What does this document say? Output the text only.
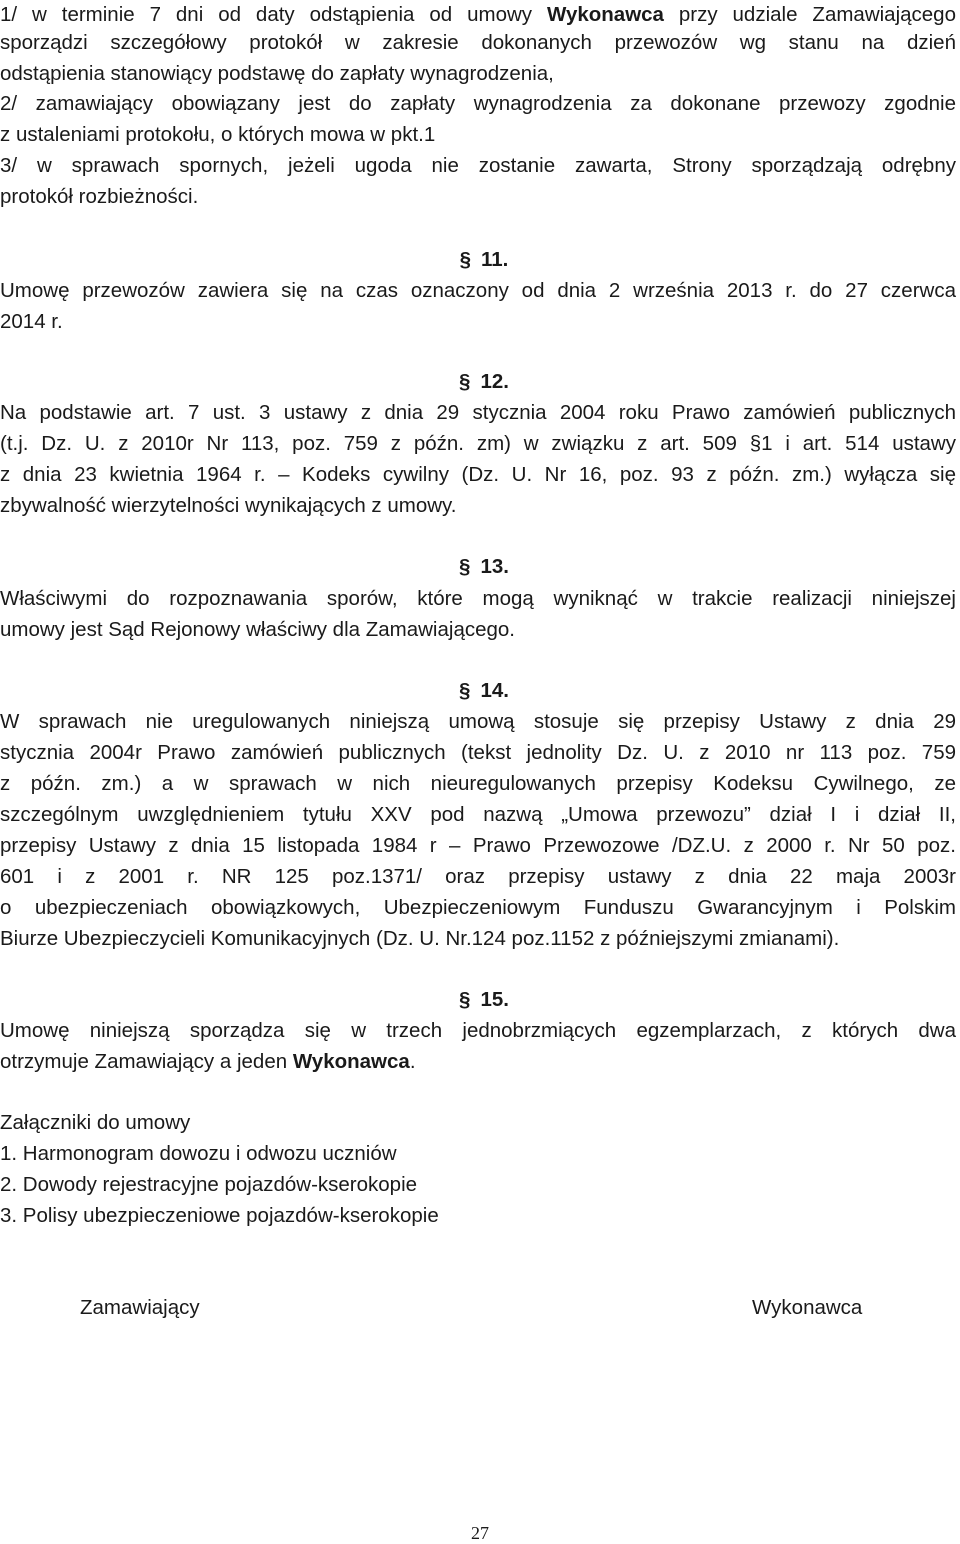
1/ w terminie 7 dni od daty odstąpienia od umowy Wykonawca przy udziale Zamawiającego
sporządzi szczegółowy protokół w zakresie dokonanych przewozów wg stanu na dzień
odstąpienia stanowiący podstawę do zapłaty wynagrodzenia,
2/ zamawiający obowiązany jest do zapłaty wynagrodzenia za dokonane przewozy zgodnie
z ustaleniami protokołu, o których mowa w pkt.1
3/ w sprawach spornych, jeżeli ugoda nie zostanie zawarta, Strony sporządzają odrębny
protokół rozbieżności.
§ 11.
Umowę przewozów zawiera się na czas oznaczony od dnia 2 września 2013 r. do 27 czerwca
2014 r.
§ 12.
Na podstawie art. 7 ust. 3 ustawy z dnia 29 stycznia 2004 roku Prawo zamówień publicznych
(t.j. Dz. U. z 2010r Nr 113, poz. 759 z późn. zm) w związku z art. 509 §1 i art. 514 ustawy
z dnia 23 kwietnia 1964 r. – Kodeks cywilny (Dz. U. Nr 16, poz. 93 z późn. zm.) wyłącza się
zbywalność wierzytelności wynikających z umowy.
§ 13.
Właściwymi do rozpoznawania sporów, które mogą wyniknąć w trakcie realizacji niniejszej
umowy jest Sąd Rejonowy właściwy dla Zamawiającego.
§ 14.
W sprawach nie uregulowanych niniejszą umową stosuje się przepisy Ustawy z dnia 29
stycznia 2004r Prawo zamówień publicznych (tekst jednolity Dz. U. z 2010 nr 113 poz. 759
z późn. zm.) a w sprawach w nich nieuregulowanych przepisy Kodeksu Cywilnego, ze
szczególnym uwzględnieniem tytułu XXV pod nazwą „Umowa przewozu” dział I i dział II,
przepisy Ustawy z dnia 15 listopada 1984 r – Prawo Przewozowe /DZ.U. z 2000 r. Nr 50 poz.
601 i z 2001 r. NR 125 poz.1371/ oraz przepisy ustawy z dnia 22 maja 2003r
o ubezpieczeniach obowiązkowych, Ubezpieczeniowym Funduszu Gwarancyjnym i Polskim
Biurze Ubezpieczycieli Komunikacyjnych (Dz. U. Nr.124 poz.1152 z późniejszymi zmianami).
§ 15.
Umowę niniejszą sporządza się w trzech jednobrzmiących egzemplarzach, z których dwa
otrzymuje Zamawiający a jeden Wykonawca.
Załączniki do umowy
1. Harmonogram dowozu i odwozu uczniów
2. Dowody rejestracyjne pojazdów-kserokopie
3. Polisy ubezpieczeniowe pojazdów-kserokopie
Zamawiający	Wykonawca
27
